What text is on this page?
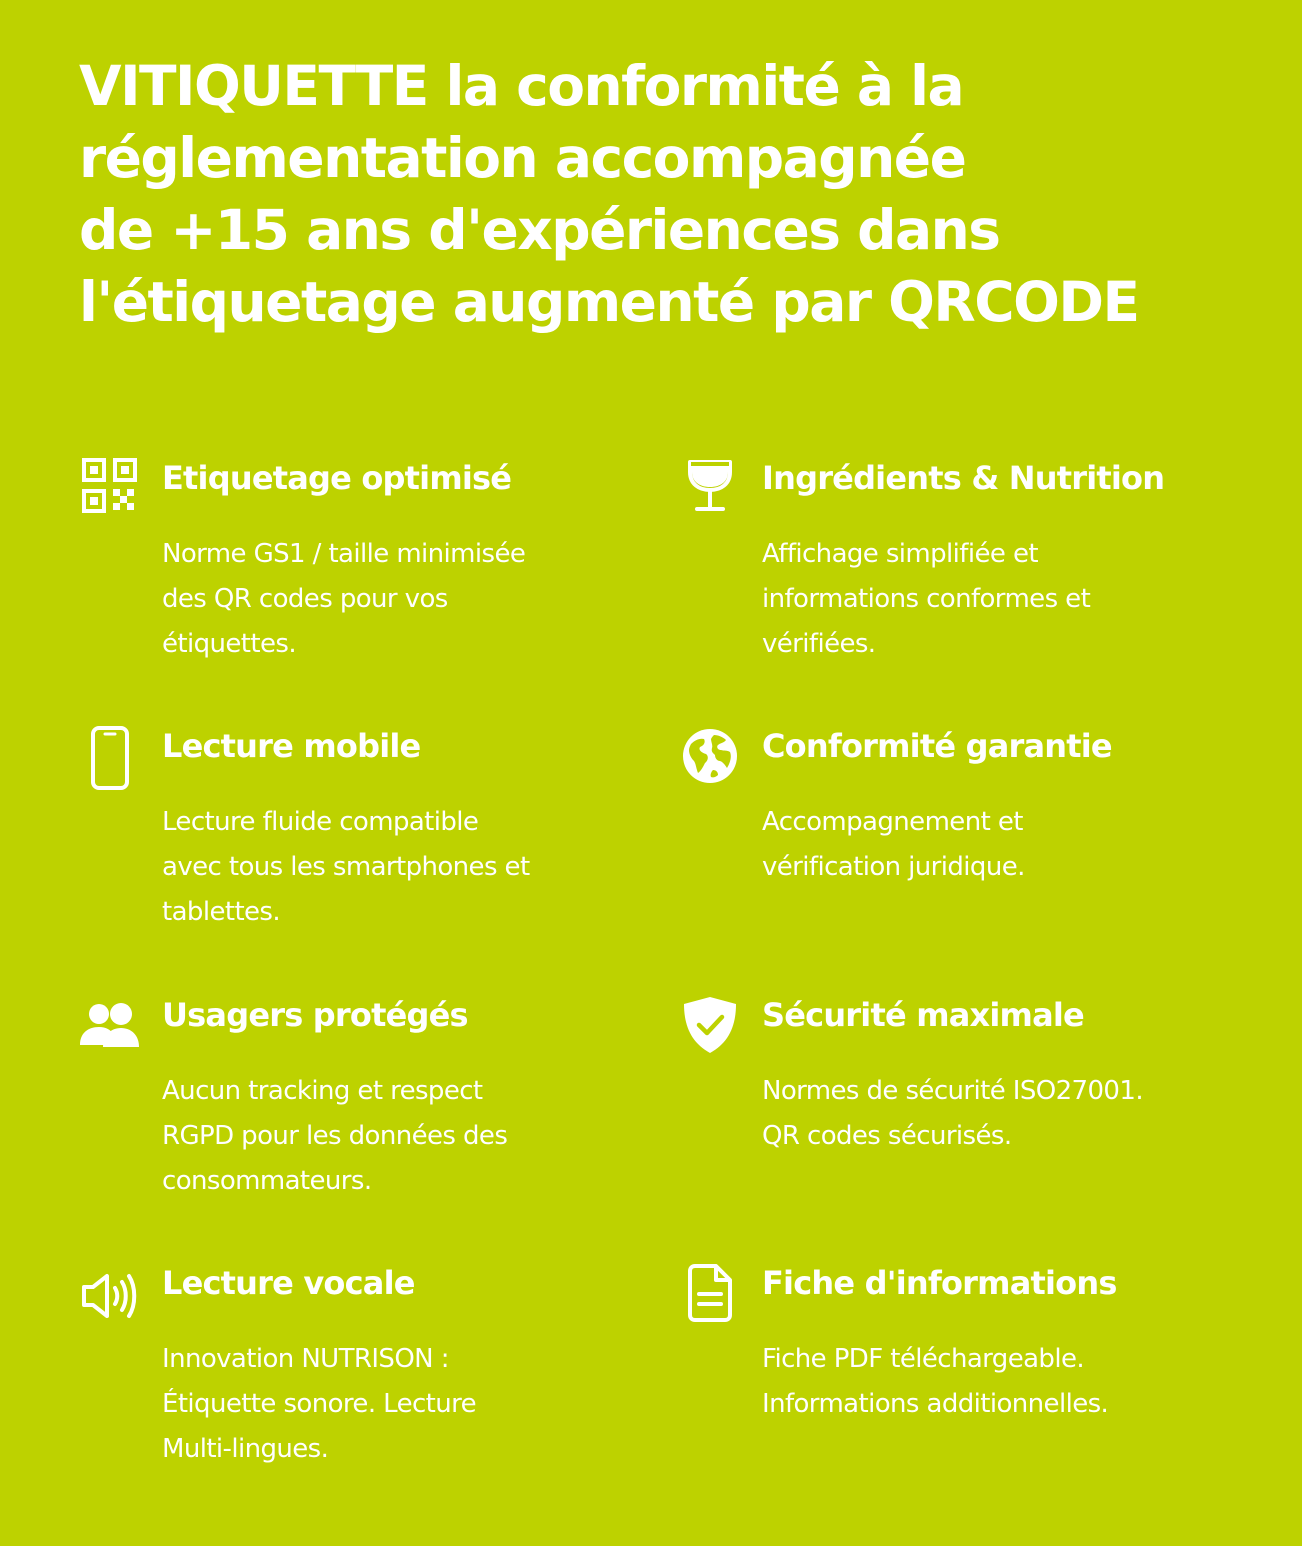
VITIQUETTE la conformité à la
réglementation accompagnée
de +15 ans d'expériences dans
l'étiquetage augmenté par QRCODE
Etiquetage optimisé

Norme GS1 / taille minimisée
des QR codes pour vos
étiquettes.

Ingrédients & Nutrition

Affichage simplifiée et
informations conformes et
vérifiées.

Lecture mobile

Lecture fluide compatible
avec tous les smartphones et
tablettes.

Conformité garantie

Accompagnement et
vérification juridique.

Usagers protégés

Aucun tracking et respect
RGPD pour les données des
consommateurs.

Sécurité maximale

Normes de sécurité ISO27001.
QR codes sécurisés.

Lecture vocale

Innovation NUTRISON :
Étiquette sonore. Lecture
Multi-lingues.

Fiche d'informations

Fiche PDF téléchargeable.
Informations additionnelles.
